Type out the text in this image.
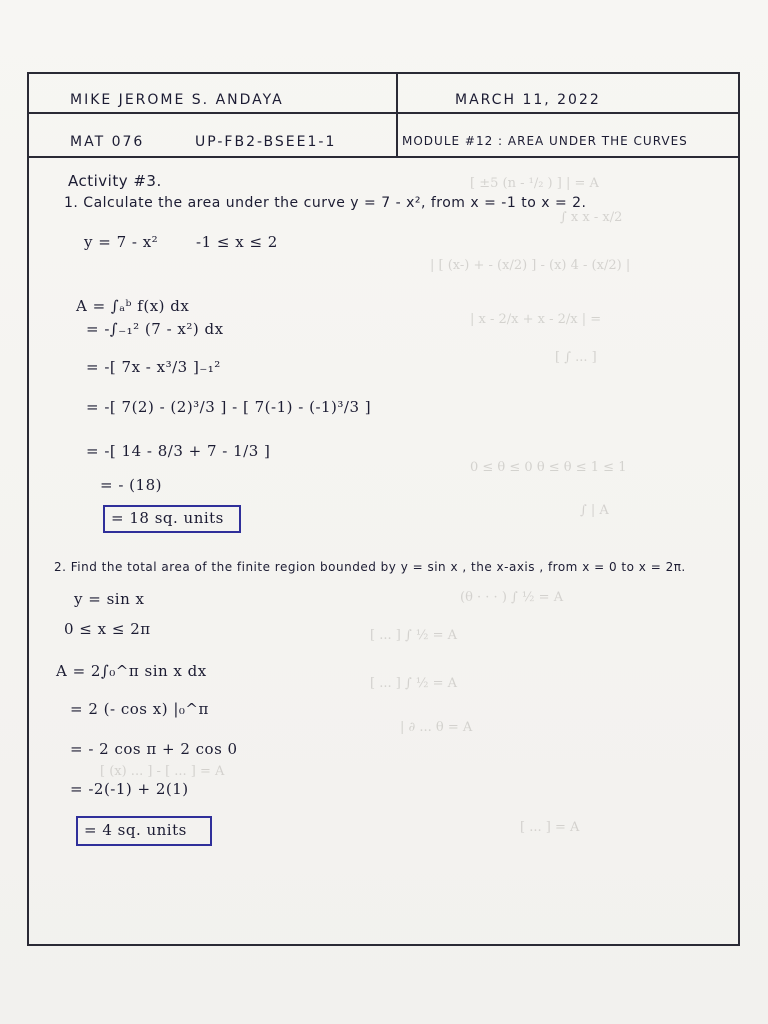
[ ±5 (n - ¹/₂ ) ] | = A
∫ x x - x/2
| [ (x-) + - (x/2) ] - (x) 4 - (x/2) |
| x - 2/x + x - 2/x | =
[ ∫ ... ]
0 ≤ θ ≤ 0 θ ≤ θ ≤ 1 ≤ 1
∫ | A
(θ · · · ) ∫ ½ = A
[ ... ] ∫ ½ = A
[ ... ] ∫ ½ = A
| ∂ ... θ = A
[ (x) ... ] - [ ... ] = A
[ ... ] = A
MIKE JEROME S. ANDAYA	MARCH 11, 2022
MAT 076	UP-FB2-BSEE1-1	MODULE #12 : AREA UNDER THE CURVES
Activity #3.
1. Calculate the area under the curve y = 7 - x², from x = -1 to x = 2.
y = 7 - x²	-1 ≤ x ≤ 2
A = ∫ₐᵇ f(x) dx
= -∫₋₁² (7 - x²) dx
= -[ 7x - x³/3 ]₋₁²
= -[ 7(2) - (2)³/3 ] - [ 7(-1) - (-1)³/3 ]
= -[ 14 - 8/3 + 7 - 1/3 ]
= - (18)
= 18 sq. units
2. Find the total area of the finite region bounded by y = sin x , the x-axis , from x = 0 to x = 2π.
y = sin x
0 ≤ x ≤ 2π
A = 2∫₀^π sin x dx
= 2 (- cos x) |₀^π
= - 2 cos π + 2 cos 0
= -2(-1) + 2(1)
= 4 sq. units
